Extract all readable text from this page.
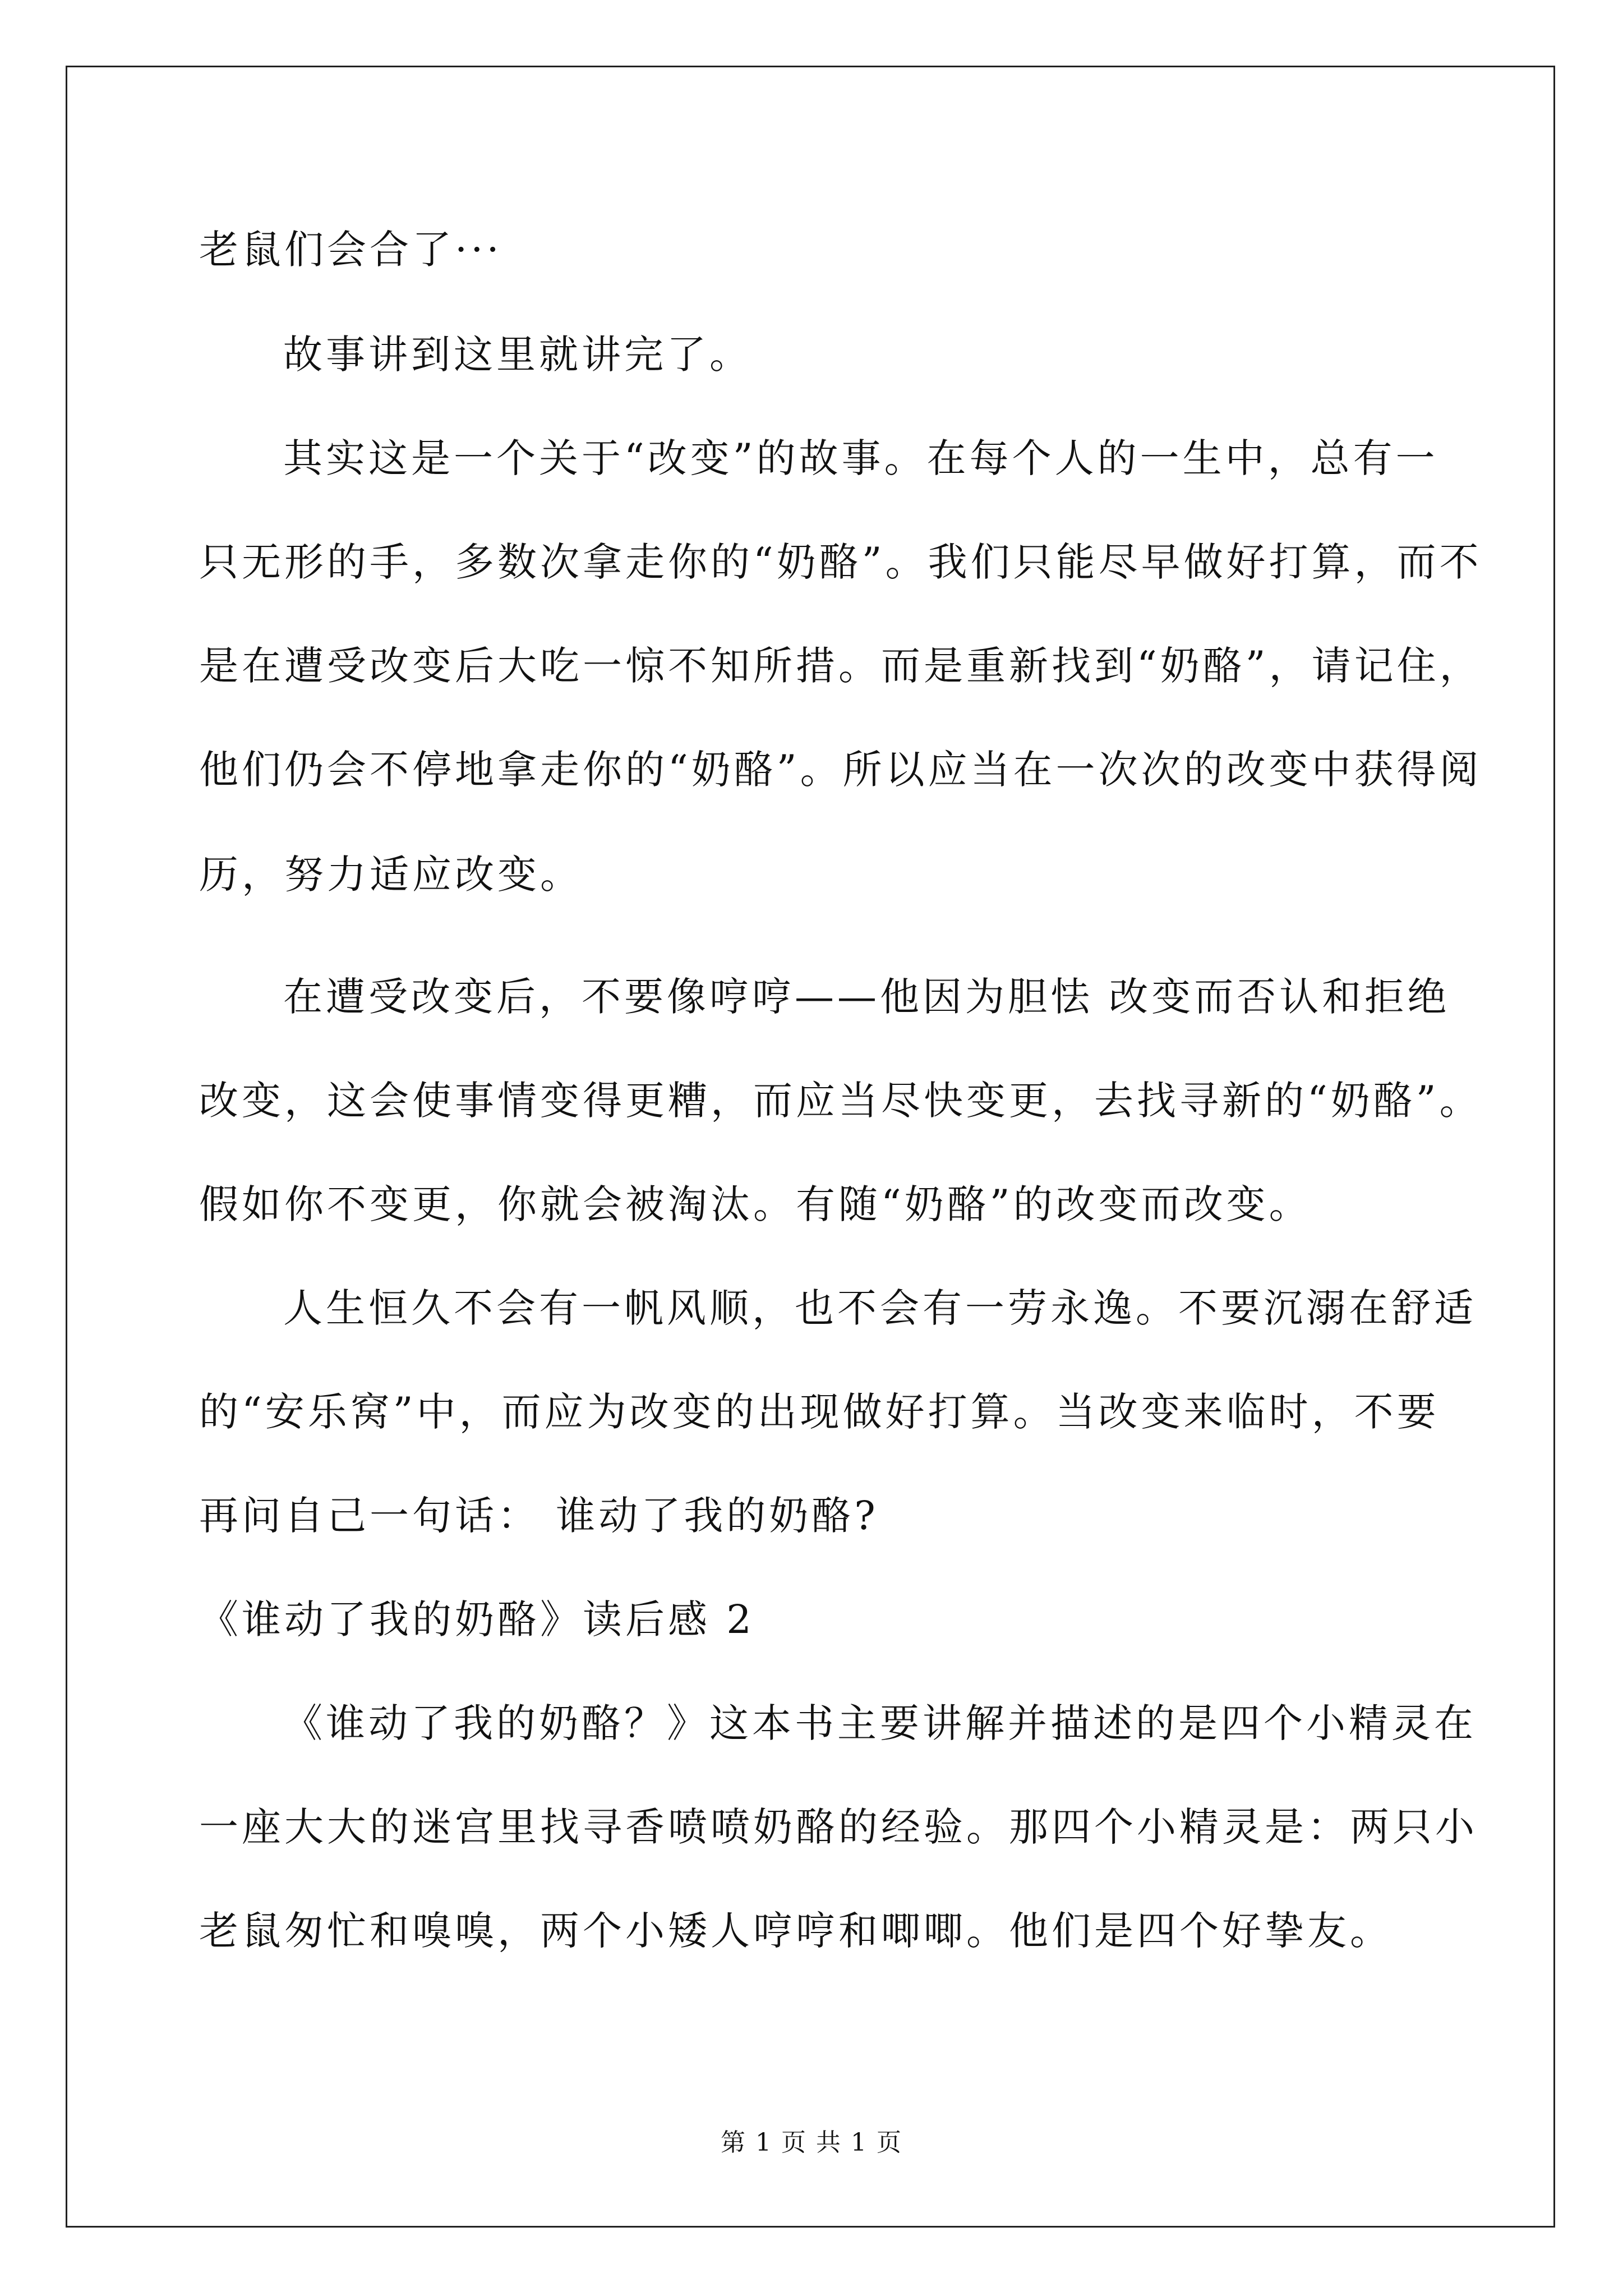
老鼠们会合了···
故事讲到这里就讲完了。
其实这是一个关于“改变”的故事。在每个人的一生中，总有一
只无形的手，多数次拿走你的“奶酪”。我们只能尽早做好打算，而不
是在遭受改变后大吃一惊不知所措。而是重新找到“奶酪”，请记住，
他们仍会不停地拿走你的“奶酪”。所以应当在一次次的改变中获得阅
历，努力适应改变。
在遭受改变后，不要像哼哼——他因为胆怯 改变而否认和拒绝
改变，这会使事情变得更糟，而应当尽快变更，去找寻新的“奶酪”。
假如你不变更，你就会被淘汰。有随“奶酪”的改变而改变。
人生恒久不会有一帆风顺，也不会有一劳永逸。不要沉溺在舒适
的“安乐窝”中，而应为改变的出现做好打算。当改变来临时，不要
再问自己一句话： 谁动了我的奶酪?
《谁动了我的奶酪》读后感 2
《谁动了我的奶酪？》这本书主要讲解并描述的是四个小精灵在
一座大大的迷宫里找寻香喷喷奶酪的经验。那四个小精灵是：两只小
老鼠匆忙和嗅嗅，两个小矮人哼哼和唧唧。他们是四个好挚友。
第 1 页 共 1 页
